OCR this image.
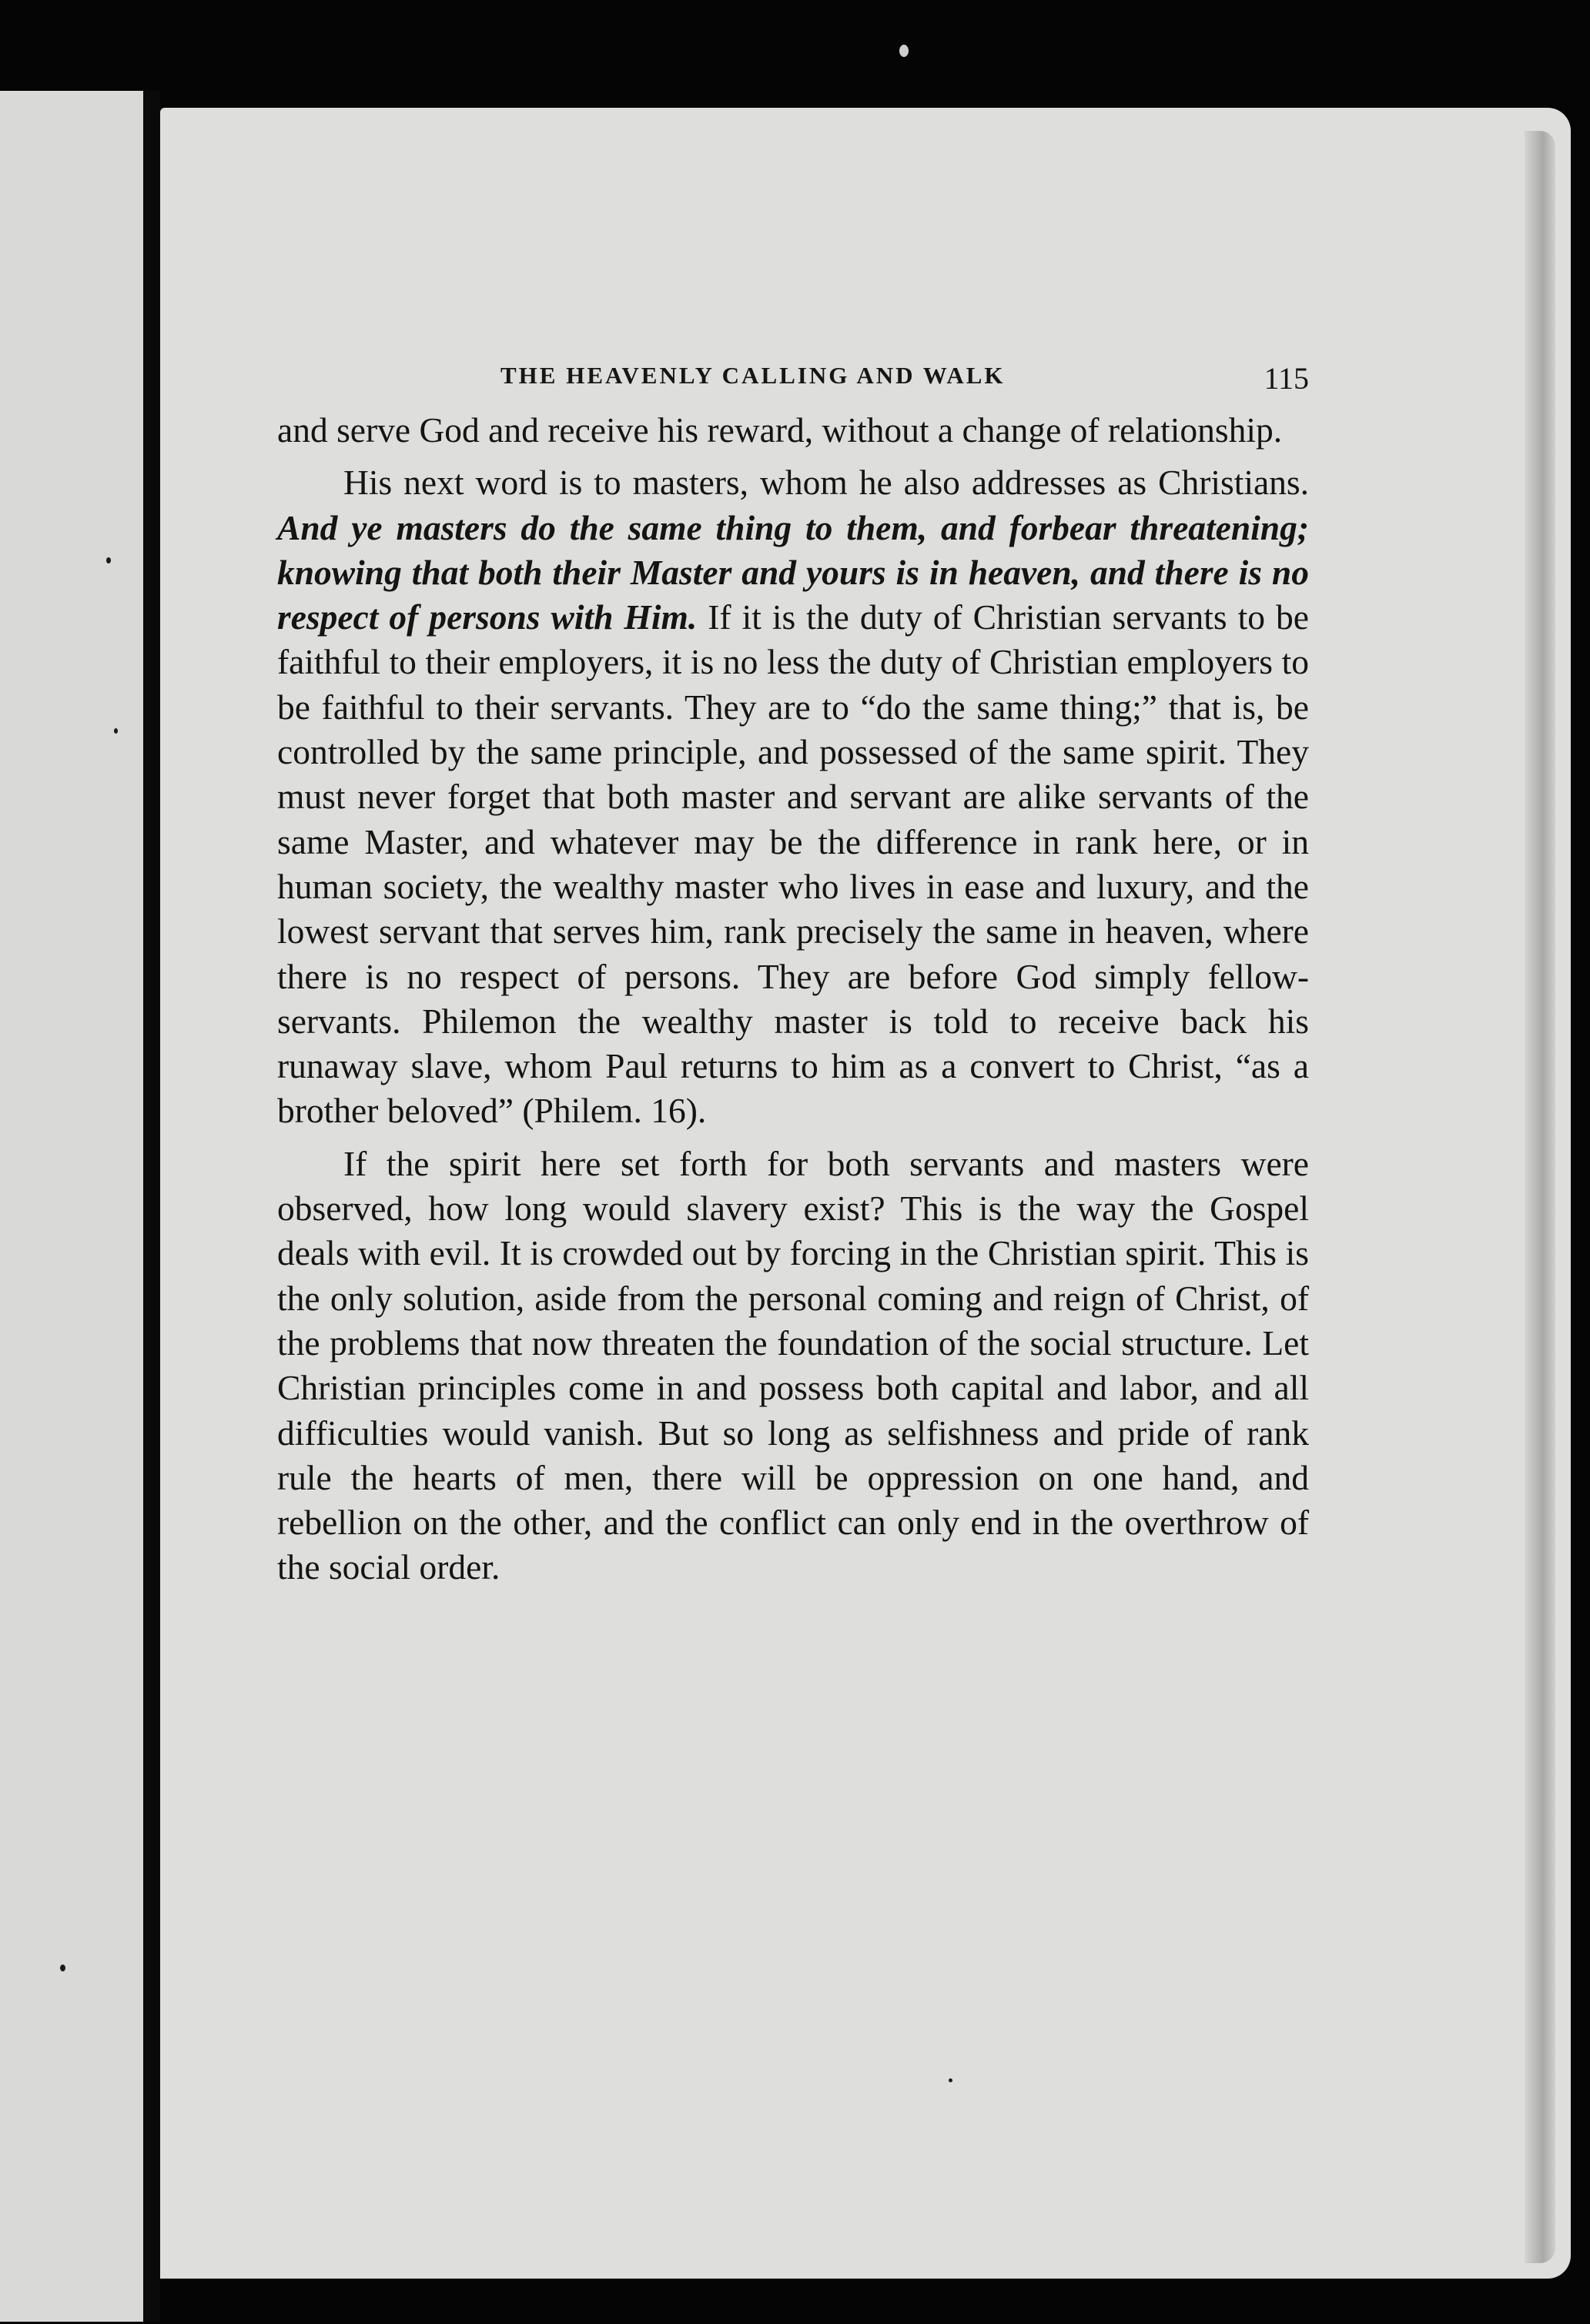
THE HEAVENLY CALLING AND WALK	115

and serve God and receive his reward, without a change of relationship.

His next word is to masters, whom he also addresses as Christians. And ye masters do the same thing to them, and forbear threatening; knowing that both their Master and yours is in heaven, and there is no respect of persons with Him. If it is the duty of Christian servants to be faithful to their employers, it is no less the duty of Christian employers to be faithful to their servants. They are to “do the same thing;” that is, be controlled by the same principle, and possessed of the same spirit. They must never forget that both master and servant are alike servants of the same Master, and whatever may be the difference in rank here, or in human society, the wealthy master who lives in ease and luxury, and the lowest servant that serves him, rank precisely the same in heaven, where there is no respect of persons. They are before God simply fellow-servants. Philemon the wealthy master is told to receive back his runaway slave, whom Paul returns to him as a convert to Christ, “as a brother beloved” (Philem. 16).

If the spirit here set forth for both servants and masters were observed, how long would slavery exist? This is the way the Gospel deals with evil. It is crowded out by forcing in the Christian spirit. This is the only solution, aside from the personal coming and reign of Christ, of the problems that now threaten the foundation of the social structure. Let Christian principles come in and possess both capital and labor, and all difficulties would vanish. But so long as selfishness and pride of rank rule the hearts of men, there will be oppression on one hand, and rebellion on the other, and the conflict can only end in the overthrow of the social order.
